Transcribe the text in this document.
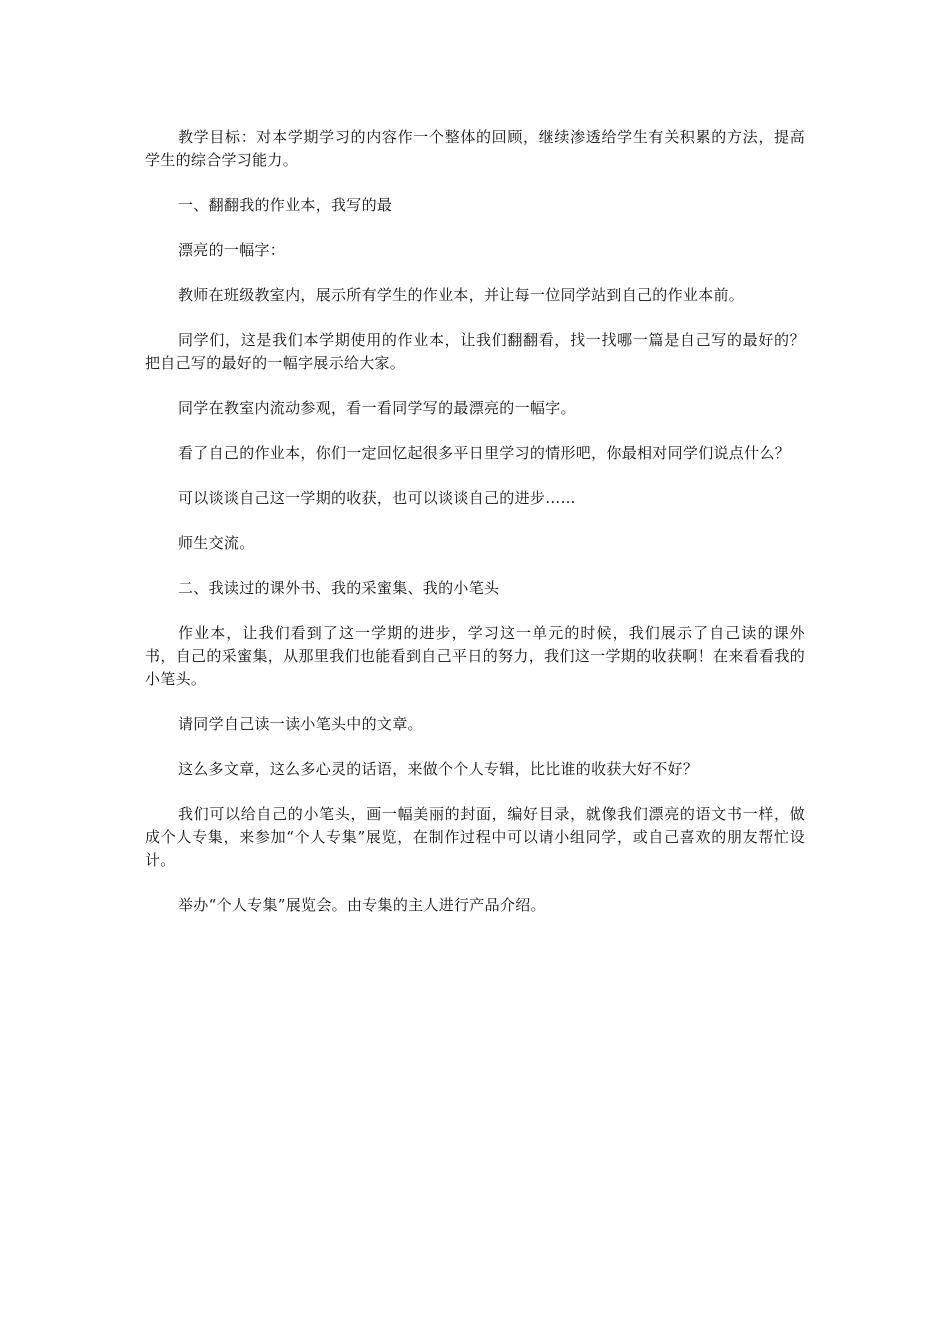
教学目标：对本学期学习的内容作一个整体的回顾，继续渗透给学生有关积累的方法，提高学生的综合学习能力。

一、翻翻我的作业本，我写的最

漂亮的一幅字：

教师在班级教室内，展示所有学生的作业本，并让每一位同学站到自己的作业本前。

同学们，这是我们本学期使用的作业本，让我们翻翻看，找一找哪一篇是自己写的最好的？把自己写的最好的一幅字展示给大家。

同学在教室内流动参观，看一看同学写的最漂亮的一幅字。

看了自己的作业本，你们一定回忆起很多平日里学习的情形吧，你最相对同学们说点什么？

可以谈谈自己这一学期的收获，也可以谈谈自己的进步……

师生交流。

二、我读过的课外书、我的采蜜集、我的小笔头

作业本，让我们看到了这一学期的进步，学习这一单元的时候，我们展示了自己读的课外书，自己的采蜜集，从那里我们也能看到自己平日的努力，我们这一学期的收获啊！在来看看我的小笔头。

请同学自己读一读小笔头中的文章。

这么多文章，这么多心灵的话语，来做个个人专辑，比比谁的收获大好不好？

我们可以给自己的小笔头，画一幅美丽的封面，编好目录，就像我们漂亮的语文书一样，做成个人专集，来参加“个人专集”展览，在制作过程中可以请小组同学，或自己喜欢的朋友帮忙设计。

举办“个人专集”展览会。由专集的主人进行产品介绍。
